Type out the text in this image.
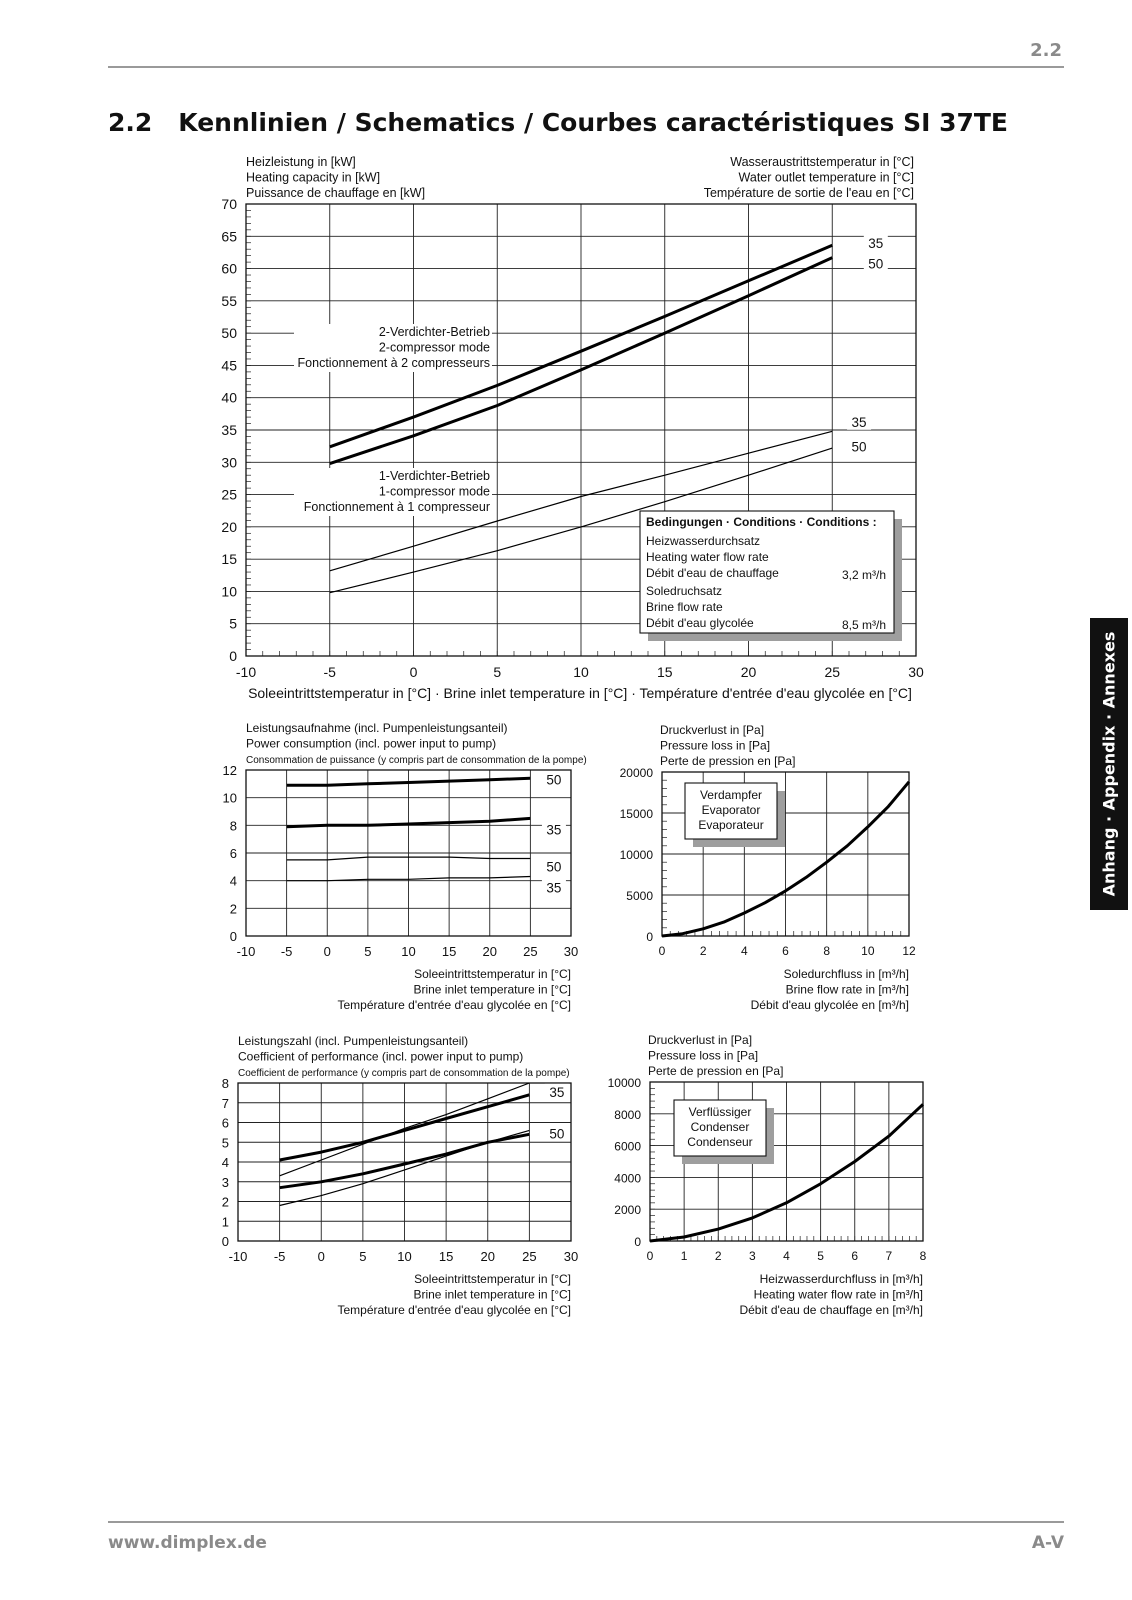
2.2
2.2 Kennlinien / Schematics / Courbes caractéristiques SI 37TE
Anhang · Appendix · Annexes
www.dimplex.de	A-V
0
5
10
15
20
25
30
35
40
45
50
55
60
65
70
-10	-5	0	5	10	15	20	25	30
35
50
35
50
Heizleistung in [kW]
Heating capacity in [kW]
Puissance de chauffage en [kW]
Wasseraustrittstemperatur in [°C]
Water outlet temperature in [°C]
Température de sortie de l'eau en [°C]
Soleeintrittstemperatur in [°C] · Brine inlet temperature in [°C] · Température d'entrée d'eau glycolée en [°C]
2-Verdichter-Betrieb
2-compressor mode
Fonctionnement à 2 compresseurs
1-Verdichter-Betrieb
1-compressor mode
Fonctionnement à 1 compresseur
Bedingungen · Conditions · Conditions :
Heizwasserdurchsatz
Heating water flow rate
Débit d'eau de chauffage	3,2 m³/h
Soledruchsatz
Brine flow rate
Débit d'eau glycolée	8,5 m³/h
0
2
4
6
8
10
12
-10 -5 0	5 10 15 20 25 30
50
35
50
35
Leistungsaufnahme (incl. Pumpenleistungsanteil)
Power consumption (incl. power input to pump)
Consommation de puissance (y compris part de consommation de la pompe)
Soleeintrittstemperatur in [°C]
Brine inlet temperature in [°C]
Température d'entrée d'eau glycolée en [°C]
0
5000
10000
15000
20000
0	2	4	6	8	10 12
Druckverlust in [Pa]
Pressure loss in [Pa]
Perte de pression en [Pa]
Soledurchfluss in [m³/h]
Brine flow rate in [m³/h]
Débit d'eau glycolée en [m³/h]
Verdampfer
Evaporator
Evaporateur
0
1
2
3
4
5
6
7
8
-10 -5 0	5 10 15 20 25 30
35
50
Leistungszahl (incl. Pumpenleistungsanteil)
Coefficient of performance (incl. power input to pump)
Coefficient de performance (y compris part de consommation de la pompe)
Soleeintrittstemperatur in [°C]
Brine inlet temperature in [°C]
Température d'entrée d'eau glycolée en [°C]
0
2000
4000
6000
8000
10000
0 1 2 3 4 5 6 7 8
Druckverlust in [Pa]
Pressure loss in [Pa]
Perte de pression en [Pa]
Heizwasserdurchfluss in [m³/h]
Heating water flow rate in [m³/h]
Débit d'eau de chauffage en [m³/h]
Verflüssiger
Condenser
Condenseur
